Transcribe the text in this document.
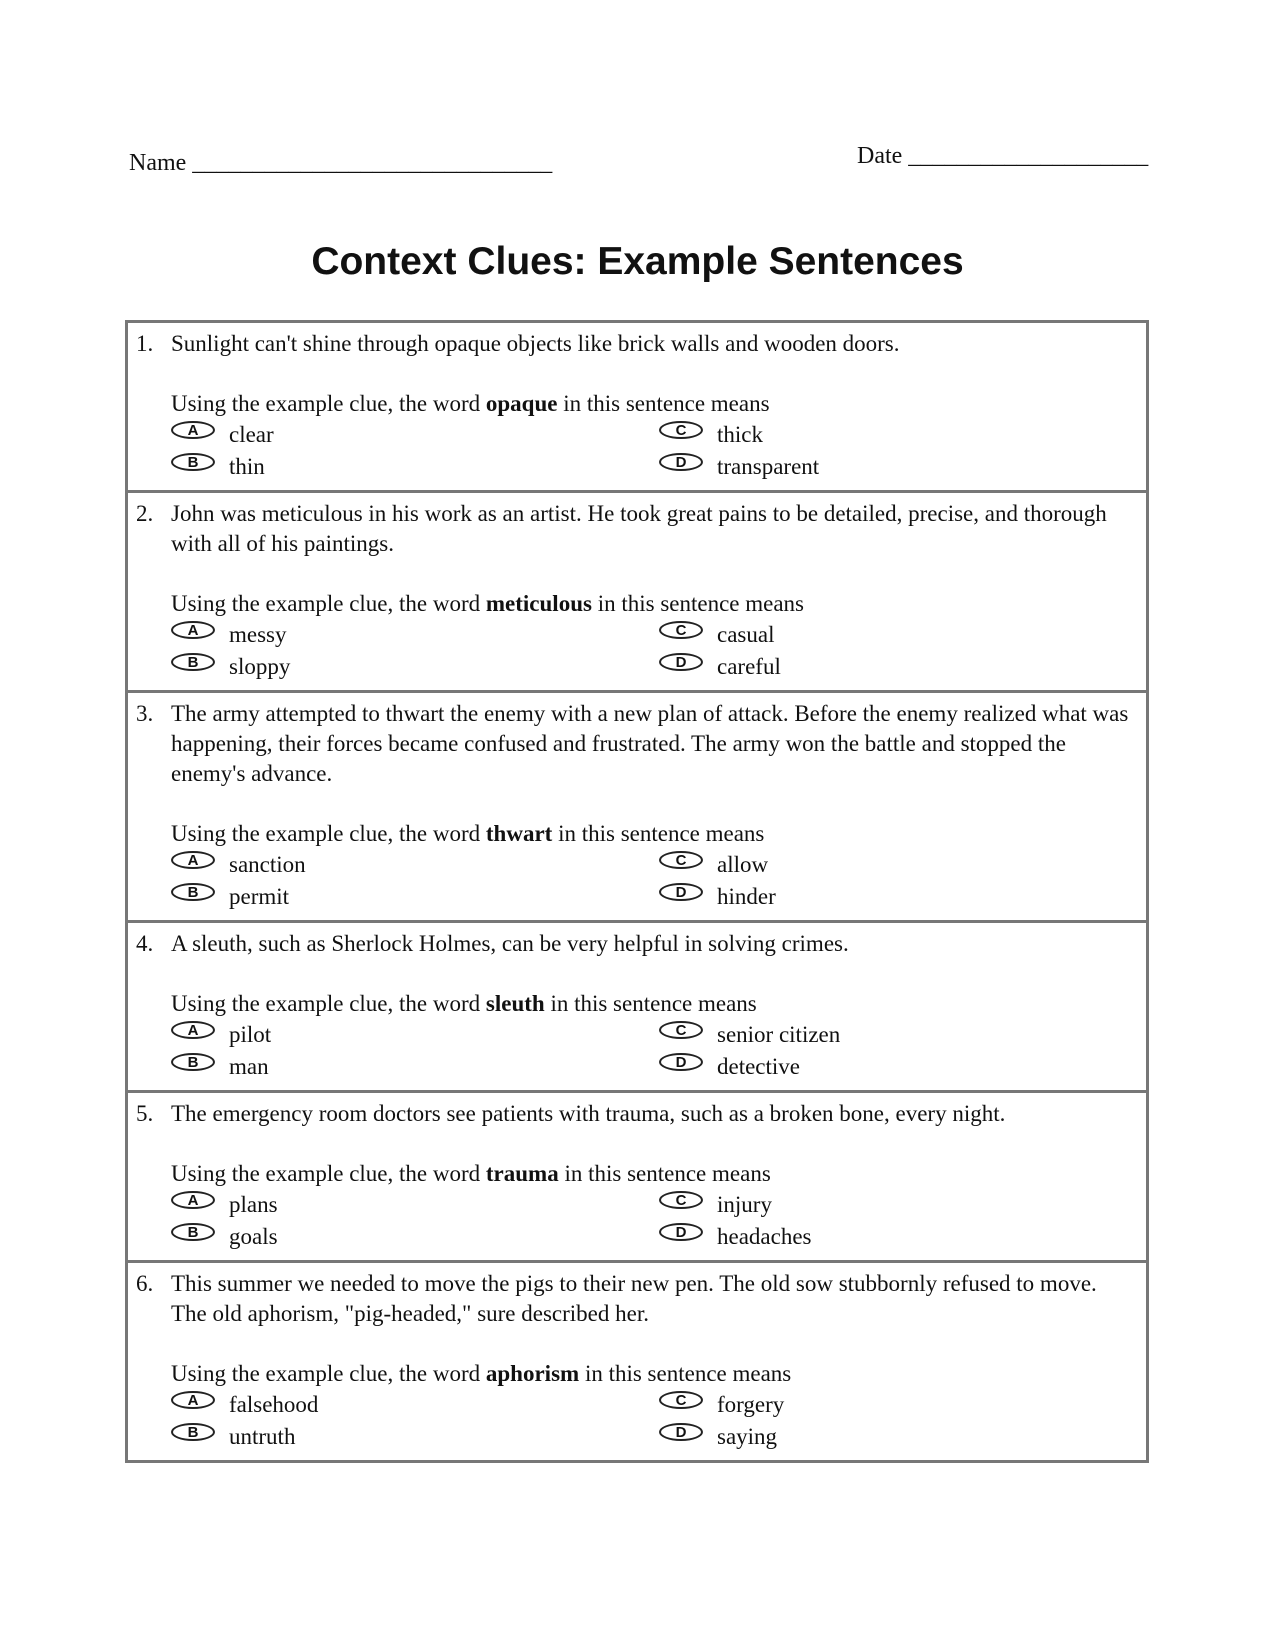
Name ______________________________	Date ____________________
Context Clues: Example Sentences
1. Sunlight can't shine through opaque objects like brick walls and wooden doors.

Using the example clue, the word opaque in this sentence means

A	clear	C	thick
B	thin	D	transparent
2. John was meticulous in his work as an artist. He took great pains to be detailed, precise, and thorough with all of his paintings.

Using the example clue, the word meticulous in this sentence means

A	messy	C	casual
B	sloppy	D	careful
3. The army attempted to thwart the enemy with a new plan of attack. Before the enemy realized what was happening, their forces became confused and frustrated. The army won the battle and stopped the enemy's advance.

Using the example clue, the word thwart in this sentence means

A	sanction	C	allow
B	permit	D	hinder
4. A sleuth, such as Sherlock Holmes, can be very helpful in solving crimes.

Using the example clue, the word sleuth in this sentence means

A	pilot	C	senior citizen
B	man	D	detective
5. The emergency room doctors see patients with trauma, such as a broken bone, every night.

Using the example clue, the word trauma in this sentence means

A	plans	C	injury
B	goals	D	headaches
6. This summer we needed to move the pigs to their new pen. The old sow stubbornly refused to move. The old aphorism, "pig-headed," sure described her.

Using the example clue, the word aphorism in this sentence means

A	falsehood	C	forgery
B	untruth	D	saying
